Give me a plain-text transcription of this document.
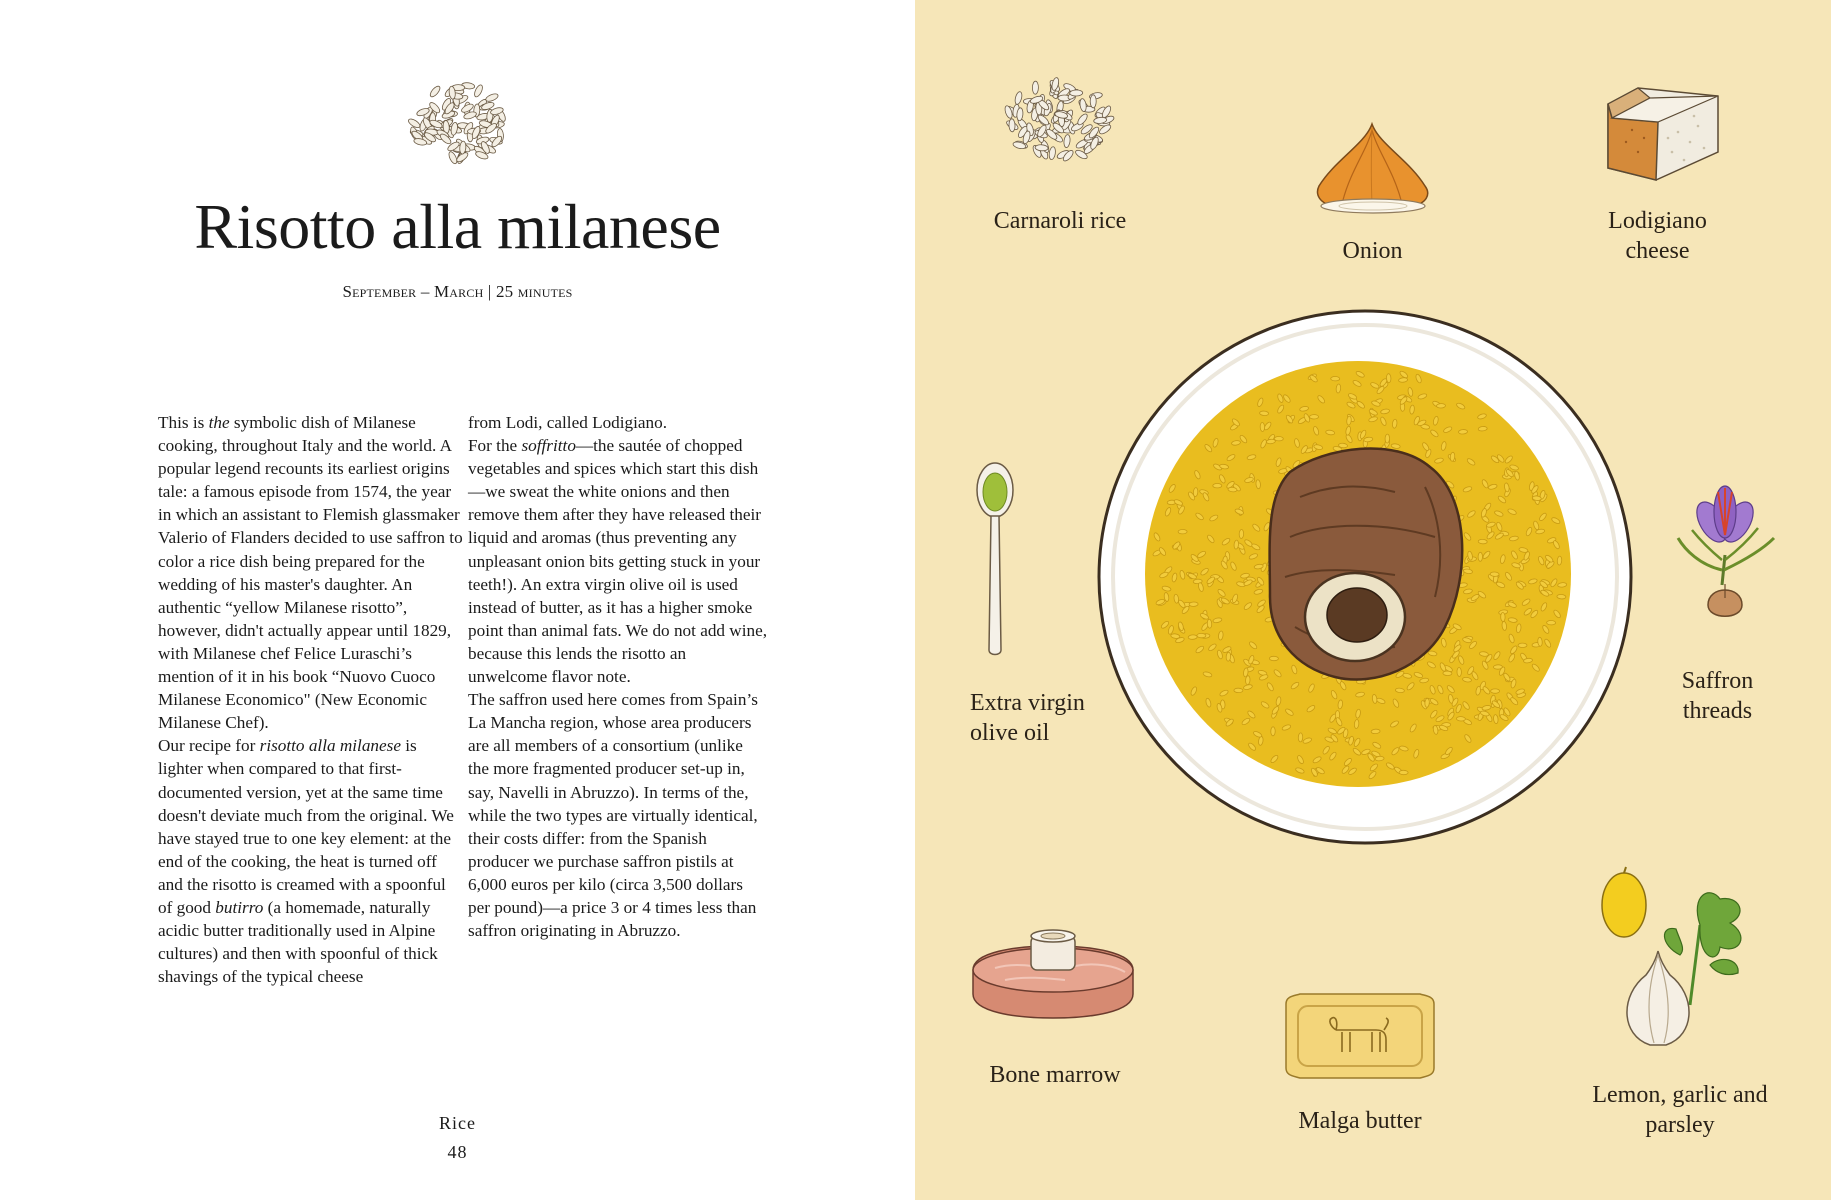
Risotto alla milanese
September – March | 25 minutes

This is the symbolic dish of Milanese cooking, throughout Italy and the world. A popular legend recounts its earliest origins tale: a famous episode from 1574, the year in which an assistant to Flemish glassmaker Valerio of Flanders decided to use saffron to color a rice dish being prepared for the wedding of his master's daughter. An authentic “yellow Milanese risotto”, however, didn't actually appear until 1829, with Milanese chef Felice Luraschi’s mention of it in his book “Nuovo Cuoco Milanese Economico" (New Economic Milanese Chef).

Our recipe for risotto alla milanese is lighter when compared to that first-documented version, yet at the same time doesn't deviate much from the original. We have stayed true to one key element: at the end of the cooking, the heat is turned off and the risotto is creamed with a spoonful of good butirro (a homemade, naturally acidic butter traditionally used in Alpine cultures) and then with spoonful of thick shavings of the typical cheese

from Lodi, called Lodigiano.

For the soffritto—the sautée of chopped vegetables and spices which start this dish—we sweat the white onions and then remove them after they have released their liquid and aromas (thus preventing any unpleasant onion bits getting stuck in your teeth!). An extra virgin olive oil is used instead of butter, as it has a higher smoke point than animal fats. We do not add wine, because this lends the risotto an unwelcome flavor note.

The saffron used here comes from Spain’s La Mancha region, whose area producers are all members of a consortium (unlike the more fragmented producer set-up in, say, Navelli in Abruzzo). In terms of the, while the two types are virtually identical, their costs differ: from the Spanish producer we purchase saffron pistils at 6,000 euros per kilo (circa 3,500 dollars per pound)—a price 3 or 4 times less than saffron originating in Abruzzo.

Rice
48
Carnaroli rice
Onion
Lodigiano cheese
Extra virgin olive oil
Saffron threads
Bone marrow
Malga butter
Lemon, garlic and parsley
